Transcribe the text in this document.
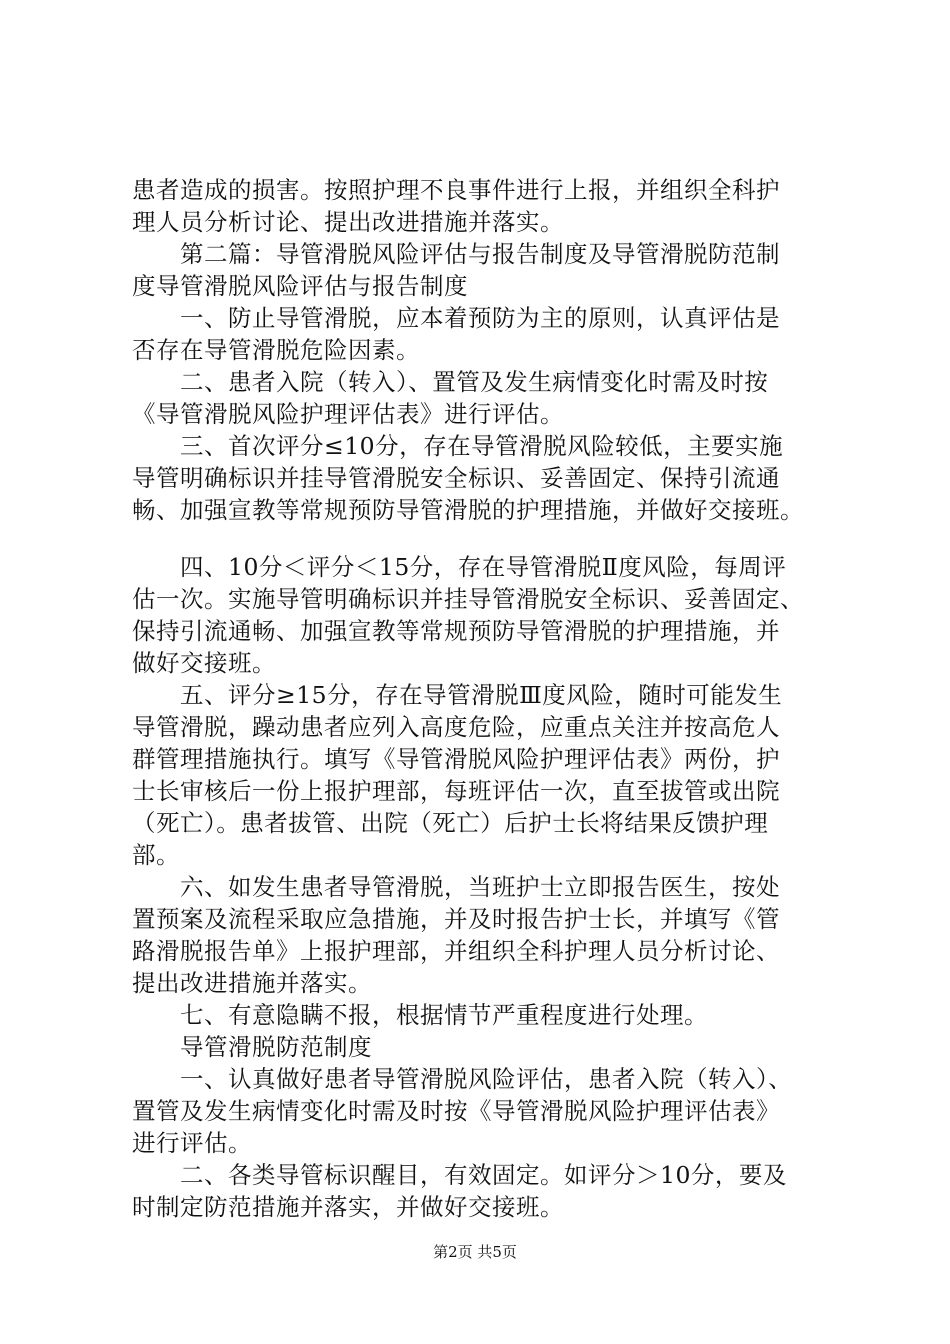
患者造成的损害。按照护理不良事件进行上报，并组织全科护
理人员分析讨论、提出改进措施并落实。
　　第二篇：导管滑脱风险评估与报告制度及导管滑脱防范制
度导管滑脱风险评估与报告制度
　　一、防止导管滑脱，应本着预防为主的原则，认真评估是
否存在导管滑脱危险因素。
　　二、患者入院（转入）、置管及发生病情变化时需及时按
《导管滑脱风险护理评估表》进行评估。
　　三、首次评分≤10分，存在导管滑脱风险较低，主要实施
导管明确标识并挂导管滑脱安全标识、妥善固定、保持引流通
畅、加强宣教等常规预防导管滑脱的护理措施，并做好交接班。
　　四、10分＜评分＜15分，存在导管滑脱Ⅱ度风险，每周评
估一次。实施导管明确标识并挂导管滑脱安全标识、妥善固定、
保持引流通畅、加强宣教等常规预防导管滑脱的护理措施，并
做好交接班。
　　五、评分≥15分，存在导管滑脱Ⅲ度风险，随时可能发生
导管滑脱，躁动患者应列入高度危险，应重点关注并按高危人
群管理措施执行。填写《导管滑脱风险护理评估表》两份，护
士长审核后一份上报护理部，每班评估一次，直至拔管或出院
（死亡）。患者拔管、出院（死亡）后护士长将结果反馈护理
部。
　　六、如发生患者导管滑脱，当班护士立即报告医生，按处
置预案及流程采取应急措施，并及时报告护士长，并填写《管
路滑脱报告单》上报护理部，并组织全科护理人员分析讨论、
提出改进措施并落实。
　　七、有意隐瞒不报，根据情节严重程度进行处理。
　　导管滑脱防范制度
　　一、认真做好患者导管滑脱风险评估，患者入院（转入）、
置管及发生病情变化时需及时按《导管滑脱风险护理评估表》
进行评估。
　　二、各类导管标识醒目，有效固定。如评分＞10分，要及
时制定防范措施并落实，并做好交接班。
第2页 共5页
